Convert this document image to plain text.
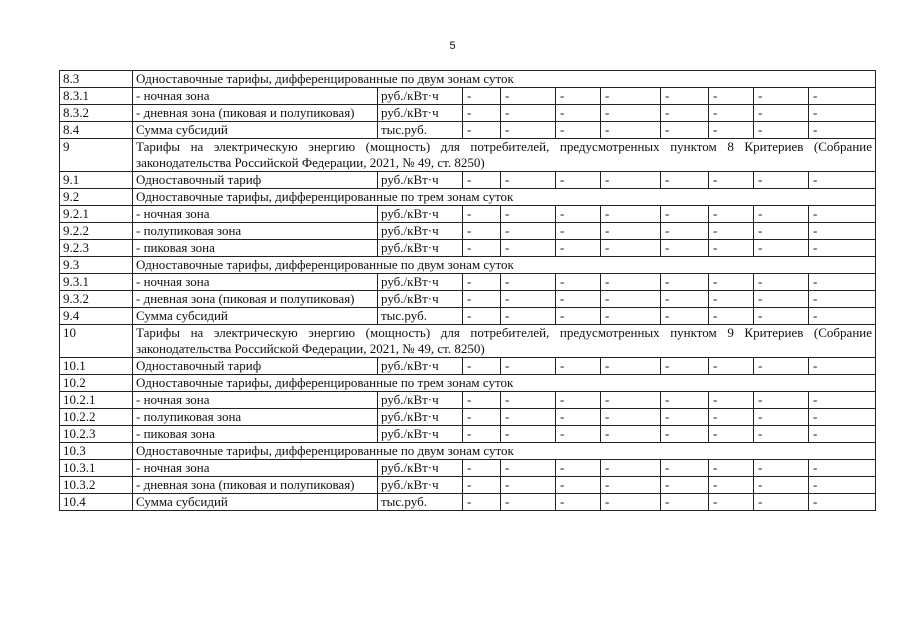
5
8.3	Одноставочные тарифы, дифференцированные по двум зонам суток									
8.3.1	- ночная зона	руб./кВт·ч	-	-	-	-	-	-	-	-
8.3.2	- дневная зона (пиковая и полупиковая)	руб./кВт·ч	-	-	-	-	-	-	-	-
8.4	Сумма субсидий	тыс.руб.	-	-	-	-	-	-	-	-
9	Тарифы на электрическую энергию (мощность) для потребителей, предусмотренных пунктом 8 Критериев (Собрание законодательства Российской Федерации, 2021, № 49, ст. 8250)									
9.1	Одноставочный тариф	руб./кВт·ч	-	-	-	-	-	-	-	-
9.2	Одноставочные тарифы, дифференцированные по трем зонам суток									
9.2.1	- ночная зона	руб./кВт·ч	-	-	-	-	-	-	-	-
9.2.2	- полупиковая зона	руб./кВт·ч	-	-	-	-	-	-	-	-
9.2.3	- пиковая зона	руб./кВт·ч	-	-	-	-	-	-	-	-
9.3	Одноставочные тарифы, дифференцированные по двум зонам суток									
9.3.1	- ночная зона	руб./кВт·ч	-	-	-	-	-	-	-	-
9.3.2	- дневная зона (пиковая и полупиковая)	руб./кВт·ч	-	-	-	-	-	-	-	-
9.4	Сумма субсидий	тыс.руб.	-	-	-	-	-	-	-	-
10	Тарифы на электрическую энергию (мощность) для потребителей, предусмотренных пунктом 9 Критериев (Собрание законодательства Российской Федерации, 2021, № 49, ст. 8250)									
10.1	Одноставочный тариф	руб./кВт·ч	-	-	-	-	-	-	-	-
10.2	Одноставочные тарифы, дифференцированные по трем зонам суток									
10.2.1	- ночная зона	руб./кВт·ч	-	-	-	-	-	-	-	-
10.2.2	- полупиковая зона	руб./кВт·ч	-	-	-	-	-	-	-	-
10.2.3	- пиковая зона	руб./кВт·ч	-	-	-	-	-	-	-	-
10.3	Одноставочные тарифы, дифференцированные по двум зонам суток									
10.3.1	- ночная зона	руб./кВт·ч	-	-	-	-	-	-	-	-
10.3.2	- дневная зона (пиковая и полупиковая)	руб./кВт·ч	-	-	-	-	-	-	-	-
10.4	Сумма субсидий	тыс.руб.	-	-	-	-	-	-	-	-
